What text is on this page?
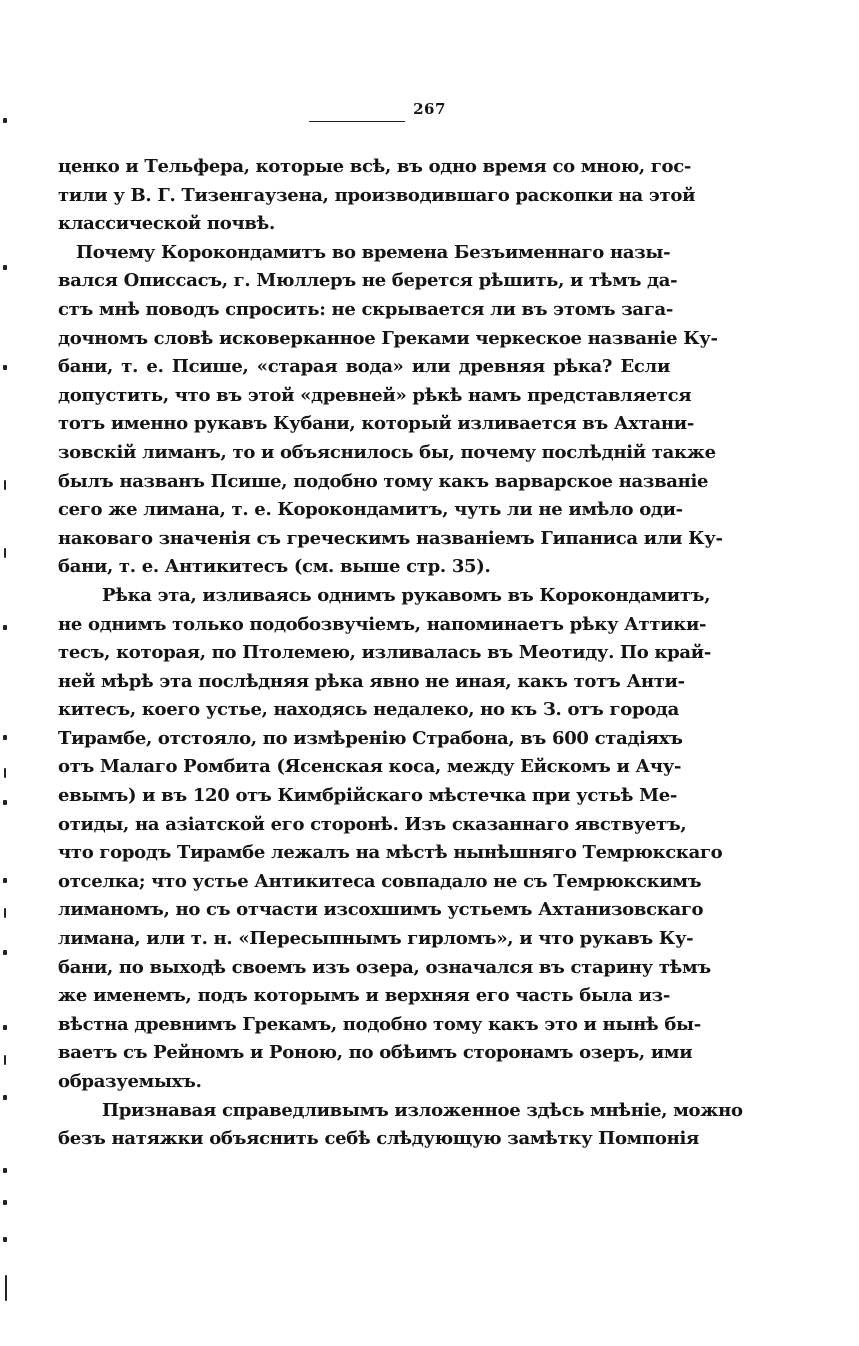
267
ценко и Тельфера, которые всѣ, въ одно время со мною, гос-
тили у В. Г. Тизенгаузена, производившаго раскопки на этой
классической почвѣ.
Почему Корокондамитъ во времена Безъименнаго назы-
вался Описсасъ, г. Мюллеръ не берется рѣшить, и тѣмъ да-
стъ мнѣ поводъ спросить: не скрывается ли въ этомъ зага-
дочномъ словѣ исковерканное Греками черкеское названіе Ку-
бани, т. е. Псише, «старая вода» или древняя рѣка? Если
допустить, что въ этой «древней» рѣкѣ намъ представляется
тотъ именно рукавъ Кубани, который изливается въ Ахтани-
зовскій лиманъ, то и объяснилось бы, почему послѣдній также
былъ названъ Псише, подобно тому какъ варварское названіе
сего же лимана, т. е. Корокондамитъ, чуть ли не имѣло оди-
наковаго значенія съ греческимъ названіемъ Гипаниса или Ку-
бани, т. е. Антикитесъ (см. выше стр. 35).
Рѣка эта, изливаясь однимъ рукавомъ въ Корокондамитъ,
не однимъ только подобозвучіемъ, напоминаетъ рѣку Аттики-
тесъ, которая, по Птолемею, изливалась въ Меотиду. По край-
ней мѣрѣ эта послѣдняя рѣка явно не иная, какъ тотъ Анти-
китесъ, коего устье, находясь недалеко, но къ З. отъ города
Тирамбе, отстояло, по измѣренію Страбона, въ 600 стадіяхъ
отъ Малаго Ромбита (Ясенская коса, между Ейскомъ и Ачу-
евымъ) и въ 120 отъ Кимбрійскаго мѣстечка при устьѣ Ме-
отиды, на азіатской его сторонѣ. Изъ сказаннаго явствуетъ,
что городъ Тирамбе лежалъ на мѣстѣ нынѣшняго Темрюкскаго
отселка; что устье Антикитеса совпадало не съ Темрюкскимъ
лиманомъ, но съ отчасти изсохшимъ устьемъ Ахтанизовскаго
лимана, или т. н. «Пересыпнымъ гирломъ», и что рукавъ Ку-
бани, по выходѣ своемъ изъ озера, означался въ старину тѣмъ
же именемъ, подъ которымъ и верхняя его часть была из-
вѣстна древнимъ Грекамъ, подобно тому какъ это и нынѣ бы-
ваетъ съ Рейномъ и Роною, по обѣимъ сторонамъ озеръ, ими
образуемыхъ.
Признавая справедливымъ изложенное здѣсь мнѣніе, можно
безъ натяжки объяснить себѣ слѣдующую замѣтку Помпонія
